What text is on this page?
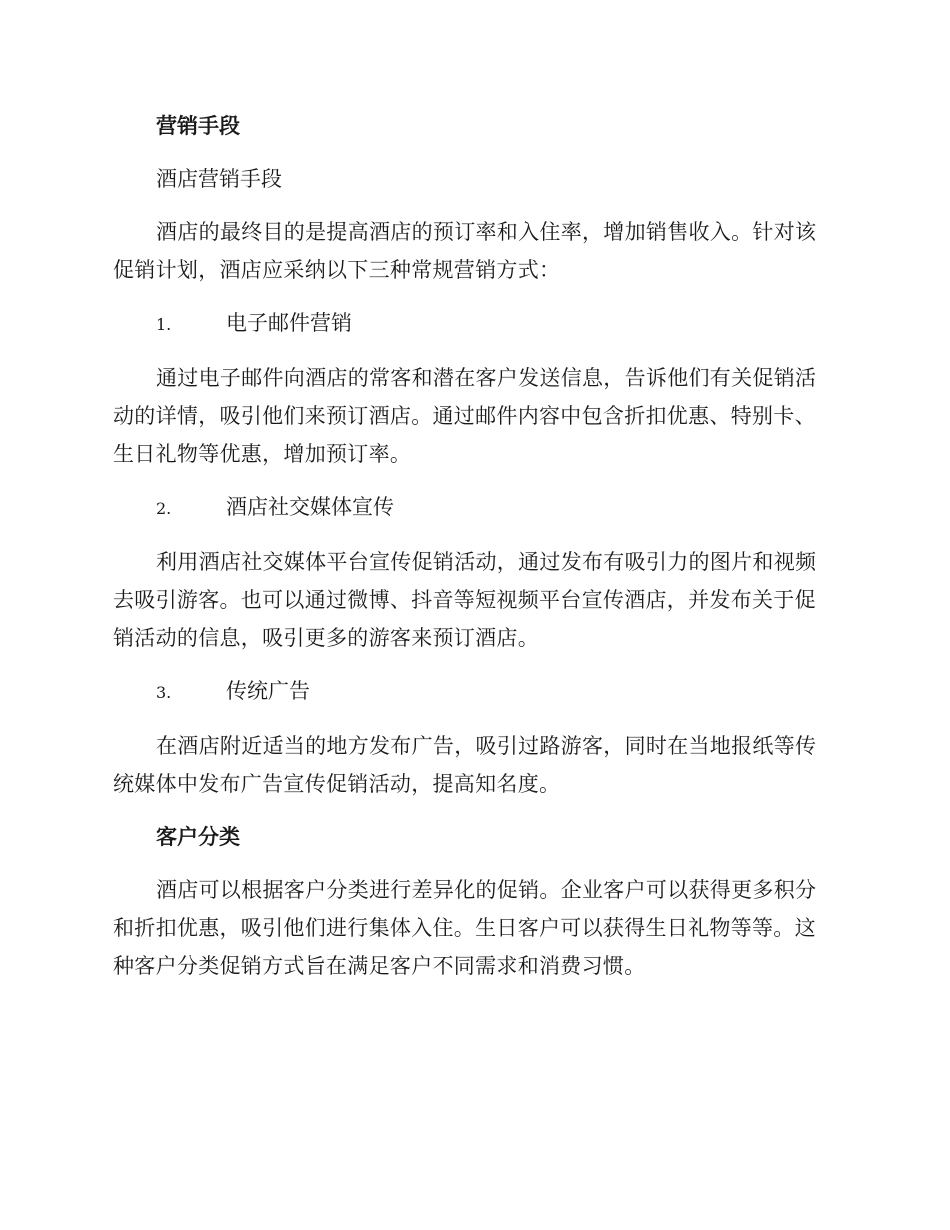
营销手段
酒店营销手段
酒店的最终目的是提高酒店的预订率和入住率，增加销售收入。针对该促销计划，酒店应采纳以下三种常规营销方式：
1.	电子邮件营销
通过电子邮件向酒店的常客和潜在客户发送信息，告诉他们有关促销活动的详情，吸引他们来预订酒店。通过邮件内容中包含折扣优惠、特别卡、生日礼物等优惠，增加预订率。
2.	酒店社交媒体宣传
利用酒店社交媒体平台宣传促销活动，通过发布有吸引力的图片和视频去吸引游客。也可以通过微博、抖音等短视频平台宣传酒店，并发布关于促销活动的信息，吸引更多的游客来预订酒店。
3.	传统广告
在酒店附近适当的地方发布广告，吸引过路游客，同时在当地报纸等传统媒体中发布广告宣传促销活动，提高知名度。
客户分类
酒店可以根据客户分类进行差异化的促销。企业客户可以获得更多积分和折扣优惠，吸引他们进行集体入住。生日客户可以获得生日礼物等等。这种客户分类促销方式旨在满足客户不同需求和消费习惯。
